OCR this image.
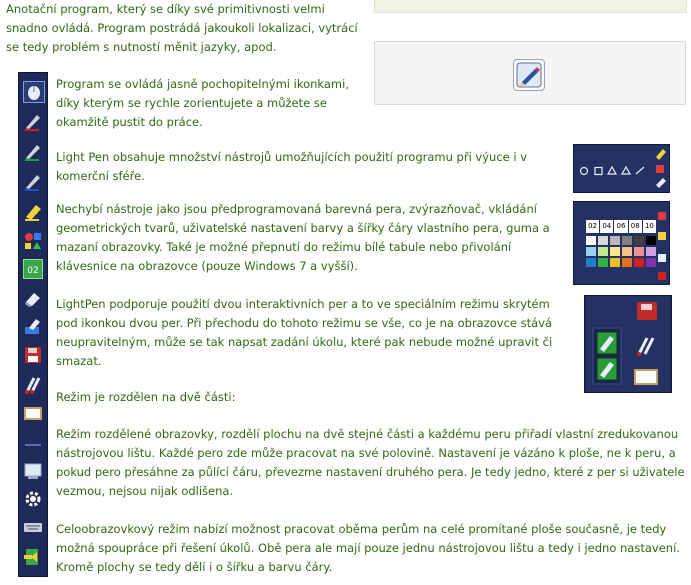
Anotační program, který se díky své primitivnosti velmi snadno ovládá. Program postrádá jakoukoli lokalizaci, vytrácí se tedy problém s nutností měnit jazyky, apod.

02

Program se ovládá jasně pochopitelnými ikonkami, díky kterým se rychle zorientujete a můžete se okamžitě pustit do práce.

Light Pen obsahuje množství nástrojů umožňujících použití programu při výuce i v komerční sféře.

Nechybí nástroje jako jsou předprogramovaná barevná pera, zvýrazňovač, vkládání geometrických tvarů, uživatelské nastavení barvy a šířky čáry vlastního pera, guma a mazaní obrazovky. Také je možné přepnutí do režimu bílé tabule nebo přivolání klávesnice na obrazovce (pouze Windows 7 a vyšší).

LightPen podporuje použití dvou interaktivních per a to ve speciálním režimu skrytém pod ikonkou dvou per. Při přechodu do tohoto režimu se vše, co je na obrazovce stává neupravitelným, může se tak napsat zadání úkolu, které pak nebude možné upravit či smazat.

Režim je rozdělen na dvě části:

Režim rozdělené obrazovky, rozdělí plochu na dvě stejné části a každému peru přiřadí vlastní zredukovanou nástrojovou lištu. Každé pero zde může pracovat na své polovině. Nastavení je vázáno k ploše, ne k peru, a pokud pero přesáhne za půlící čáru, převezme nastavení druhého pera. Je tedy jedno, které z per si uživatele vezmou, nejsou nijak odlišena.

Celoobrazovkový režim nabízí možnost pracovat oběma perům na celé promítané ploše současně, je tedy možná spoupráce při řešení úkolů. Obě pera ale mají pouze jednu nástrojovou lištu a tedy i jedno nastavení. Kromě plochy se tedy dělí i o šířku a barvu čáry.

02 04 06 08 10
